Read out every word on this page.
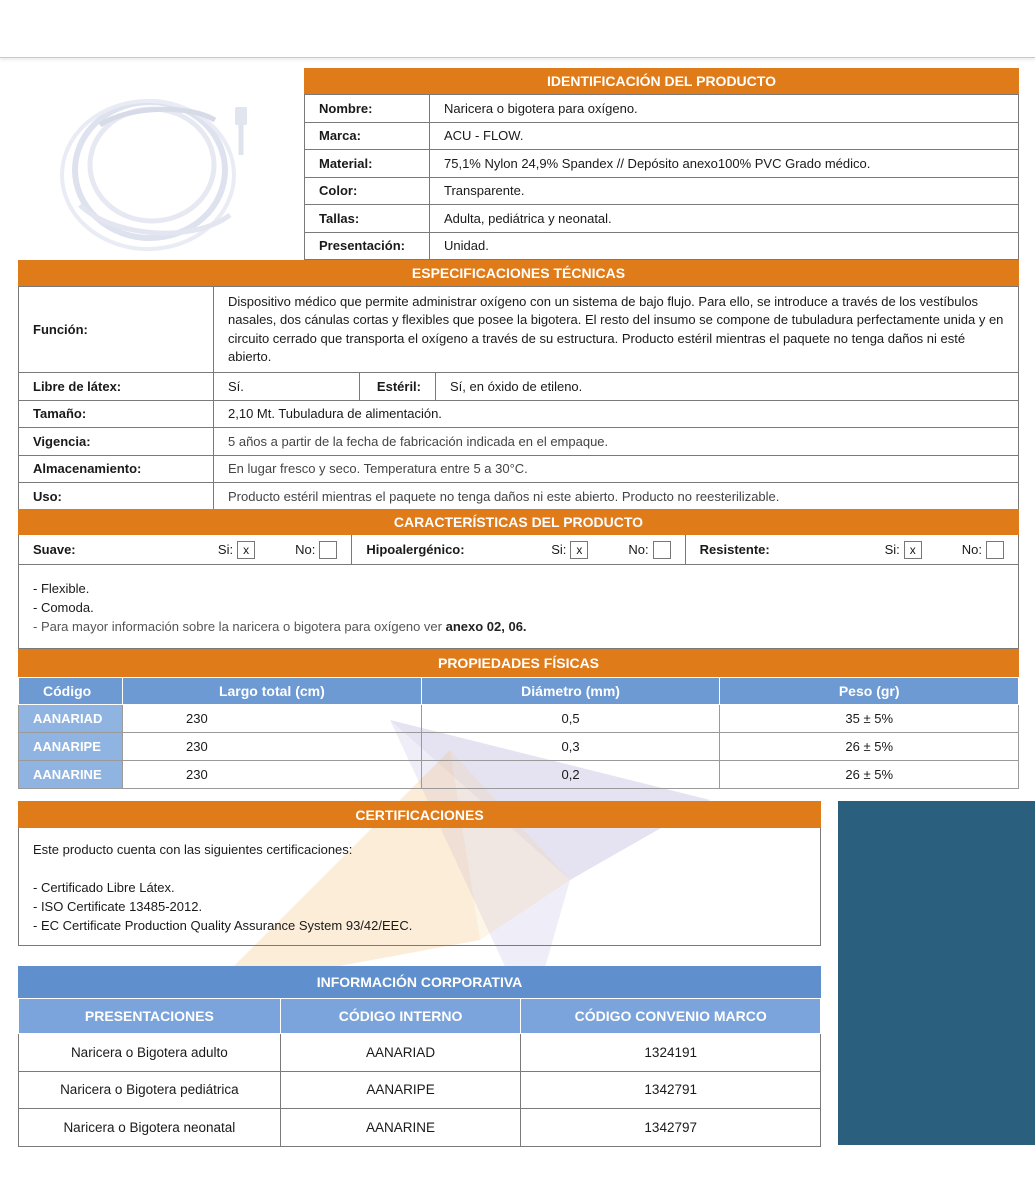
IDENTIFICACIÓN DEL PRODUCTO
Nombre:	Naricera o bigotera para oxígeno.
Marca:	ACU - FLOW.
Material:	75,1% Nylon 24,9% Spandex // Depósito anexo100% PVC Grado médico.
Color:	Transparente.
Tallas:	Adulta, pediátrica y neonatal.
Presentación:	Unidad.
ESPECIFICACIONES TÉCNICAS
Función:	Dispositivo médico que permite administrar oxígeno con un sistema de bajo flujo. Para ello, se introduce a través de los vestíbulos nasales, dos cánulas cortas y flexibles que posee la bigotera. El resto del insumo se compone de tubuladura perfectamente unida y en circuito cerrado que transporta el oxígeno a través de su estructura. Producto estéril mientras el paquete no tenga daños ni esté abierto.		
Libre de látex:	Sí.	Estéril:	Sí, en óxido de etileno.
Tamaño:	2,10 Mt. Tubuladura de alimentación.		
Vigencia:	5 años a partir de la fecha de fabricación indicada en el empaque.		
Almacenamiento:	En lugar fresco y seco. Temperatura entre 5 a 30°C.		
Uso:	Producto estéril mientras el paquete no tenga daños ni este abierto. Producto no reesterilizable.		
CARACTERÍSTICAS DEL PRODUCTO
Suave:	Si: x	No:	Hipoalergénico:	Si: x	No:	Resistente:	Si: x	No:
- Flexible.
- Comoda.
- Para mayor información sobre la naricera o bigotera para oxígeno ver anexo 02, 06.
PROPIEDADES FÍSICAS
Código	Largo total (cm)	Diámetro (mm)	Peso (gr)
AANARIAD	230	0,5	35 ± 5%
AANARIPE	230	0,3	26 ± 5%
AANARINE	230	0,2	26 ± 5%
CERTIFICACIONES
Este producto cuenta con las siguientes certificaciones:
- Certificado Libre Látex.
- ISO Certificate 13485-2012.
- EC Certificate Production Quality Assurance System 93/42/EEC.
INFORMACIÓN CORPORATIVA
PRESENTACIONES	CÓDIGO INTERNO	CÓDIGO CONVENIO MARCO
Naricera o Bigotera adulto	AANARIAD	1324191
Naricera o Bigotera pediátrica	AANARIPE	1342791
Naricera o Bigotera neonatal	AANARINE	1342797
